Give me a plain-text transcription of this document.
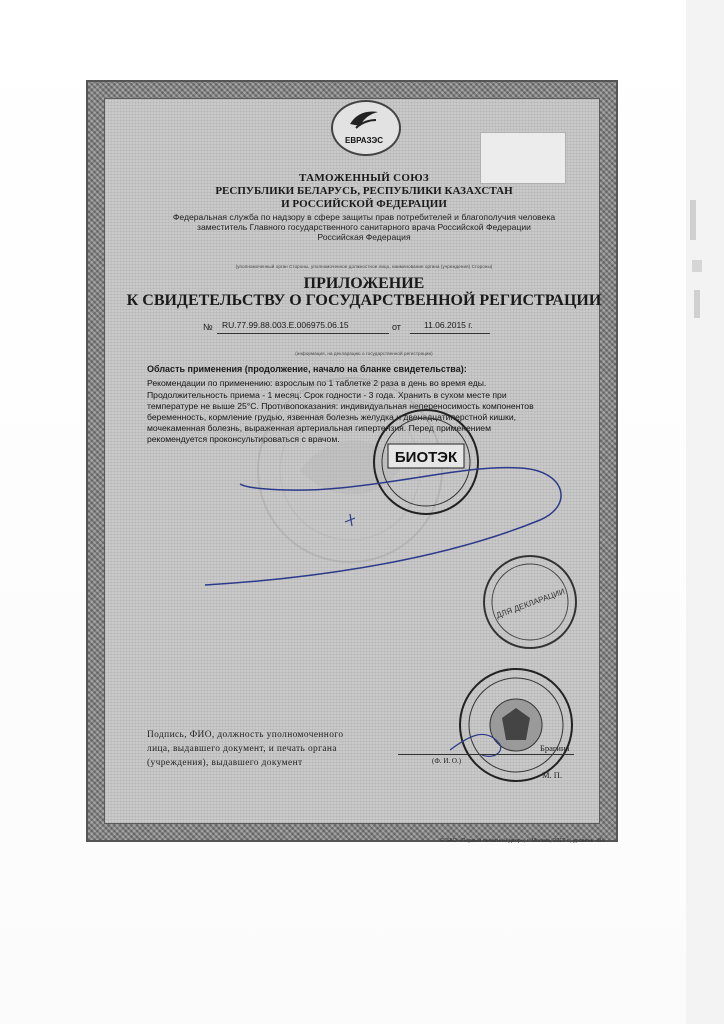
ЕВРАЗЭС
ТАМОЖЕННЫЙ СОЮЗ
РЕСПУБЛИКИ БЕЛАРУСЬ, РЕСПУБЛИКИ КАЗАХСТАН
И РОССИЙСКОЙ ФЕДЕРАЦИИ
Федеральная служба по надзору в сфере защиты прав потребителей и благополучия человека
заместитель Главного государственного санитарного врача Российской Федерации
Российская Федерация
(уполномоченный орган Стороны, уполномоченное должностное лицо, наименование органа (учреждения) Стороны)
ПРИЛОЖЕНИЕ
К СВИДЕТЕЛЬСТВУ О ГОСУДАРСТВЕННОЙ РЕГИСТРАЦИИ
№ RU.77.99.88.003.E.006975.06.15	от	11.06.2015 г.
(информация, на декларацию о государственной регистрации)
Область применения (продолжение, начало на бланке свидетельства):
Рекомендации по применению: взрослым по 1 таблетке 2 раза в день во время еды.
Продолжительность приема - 1 месяц. Срок годности - 3 года. Хранить в сухом месте при
температуре не выше 25°С. Противопоказания: индивидуальная непереносимость компонентов
беременность, кормление грудью, язвенная болезнь желудка и двенадцатиперстной кишки,
мочекаменная болезнь, выраженная артериальная гипертензия. Перед применением
рекомендуется проконсультироваться с врачом.
БИОТЭК
ДЛЯ ДЕКЛАРАЦИИ
Подпись, ФИО, должность уполномоченного
лица, выдавшего документ, и печать органа
(учреждения), выдавшего документ	(Ф. И. О.)
Брагина
М. П.
© ЗАО «Первый печатный двор», г. Москва, 2015 г., уровень «В»
